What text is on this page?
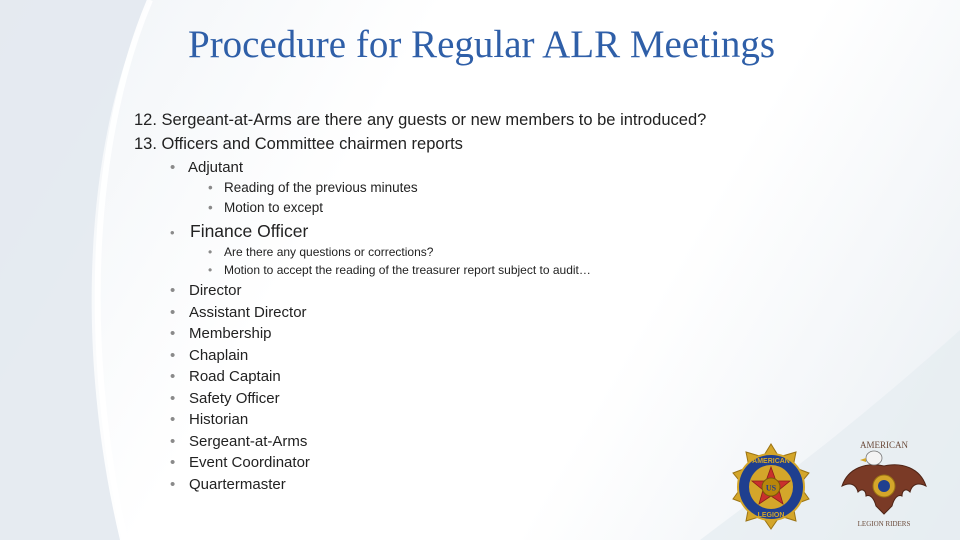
Procedure for Regular ALR Meetings
12. Sergeant-at-Arms are there any guests or new members to be introduced?
13. Officers and Committee chairmen reports
• Adjutant
• Reading of the previous minutes
• Motion to except
• Finance Officer
• Are there any questions or corrections?
• Motion to accept the reading of the treasurer report subject to audit…
• Director
• Assistant Director
• Membership
• Chaplain
• Road Captain
• Safety Officer
• Historian
• Sergeant-at-Arms
• Event Coordinator
• Quartermaster	US
AMERICAN
LEGION
AMERICAN
LEGION RIDERS
